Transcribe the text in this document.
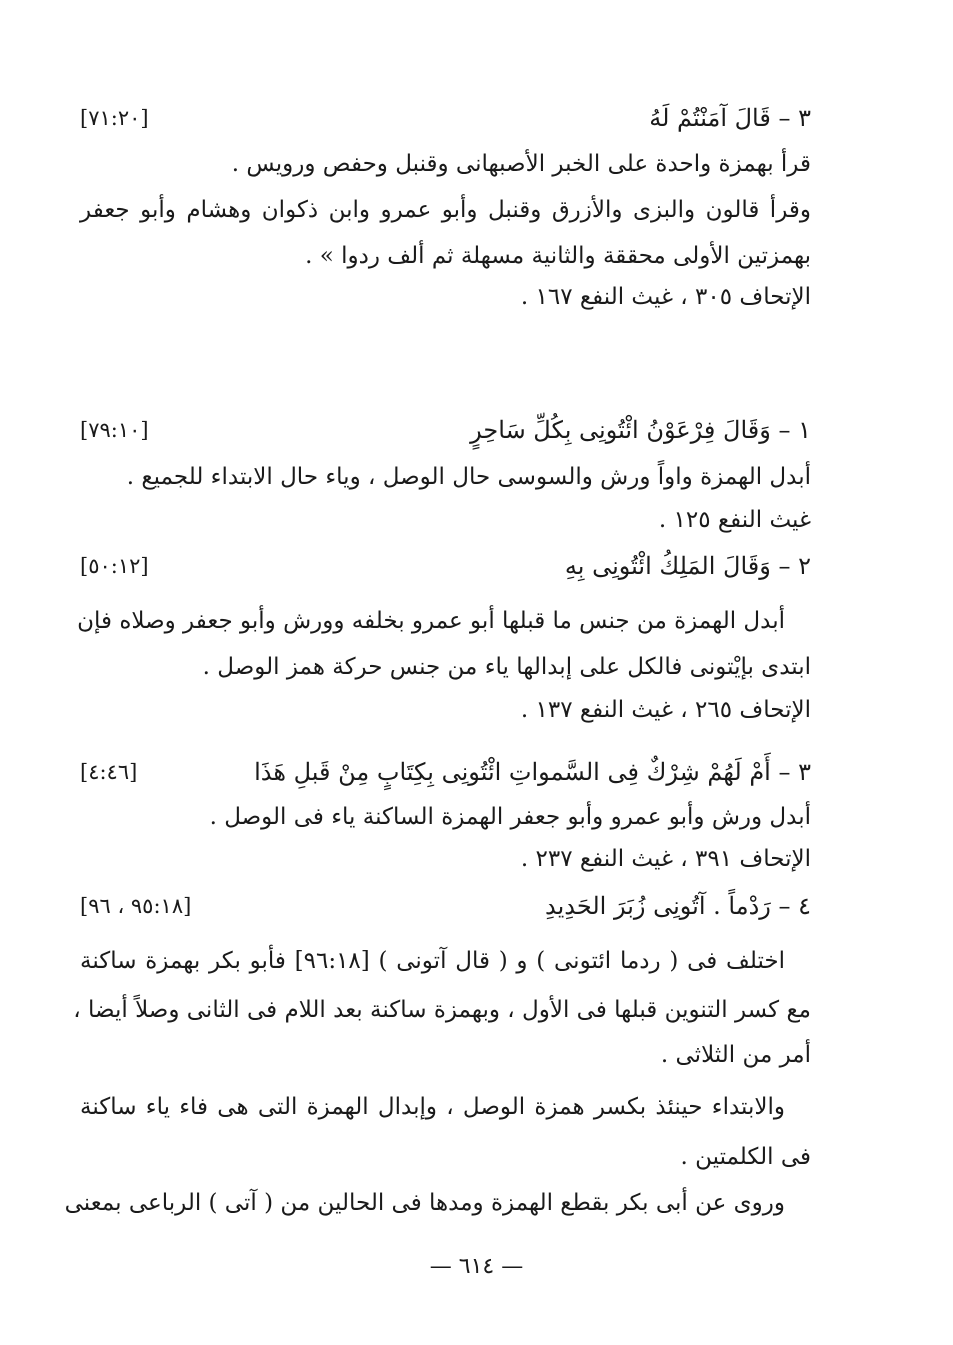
٣ – قَالَ آمَنْتُمْ لَهُ
[٧١:٢٠]
قرأ بهمزة واحدة على الخبر الأصبهانى وقنبل وحفص ورويس .
وقرأ قالون والبزى والأزرق وقنبل وأبو عمرو وابن ذكوان وهشام وأبو جعفر
بهمزتين الأولى محققة والثانية مسهلة ثم ألف ردوا » .
الإتحاف ٣٠٥ ، غيث النفع ١٦٧ .
١ – وَقَالَ فِرْعَوْنُ ائْتُونِى بِكُلِّ سَاحِرٍ
[٧٩:١٠]
أبدل الهمزة واواً ورش والسوسى حال الوصل ، وياء حال الابتداء للجميع .
غيث النفع ١٢٥ .
٢ – وَقَالَ المَلِكُ ائْتُونِى بِهِ
[٥٠:١٢]
أبدل الهمزة من جنس ما قبلها أبو عمرو بخلفه وورش وأبو جعفر وصلاه فإن
ابتدى بإيْتونى فالكل على إبدالها ياء من جنس حركة همز الوصل .
الإتحاف ٢٦٥ ، غيث النفع ١٣٧ .
٣ – أَمْ لَهُمْ شِرْكٌ فِى السَّمواتِ ائْتُونِى بِكِتَابٍ مِنْ قَبلِ هَذَا
[٤:٤٦]
أبدل ورش وأبو عمرو وأبو جعفر الهمزة الساكنة ياء فى الوصل .
الإتحاف ٣٩١ ، غيث النفع ٢٣٧ .
٤ – رَدْماً . آتُونِى زُبَرَ الحَدِيدِ
[٩٥:١٨ ، ٩٦]
اختلف فى ( ردما ائتونى ) و ( قال آتونى ) [٩٦:١٨] فأبو بكر بهمزة ساكنة
مع كسر التنوين قبلها فى الأول ، وبهمزة ساكنة بعد اللام فى الثانى وصلاً أيضا ،
أمر من الثلاثى .
والابتداء حينئذ بكسر همزة الوصل ، وإبدال الهمزة التى هى فاء ياء ساكنة
فى الكلمتين .
وروى عن أبى بكر بقطع الهمزة ومدها فى الحالين من ( آتى ) الرباعى بمعنى
— ٦١٤ —
